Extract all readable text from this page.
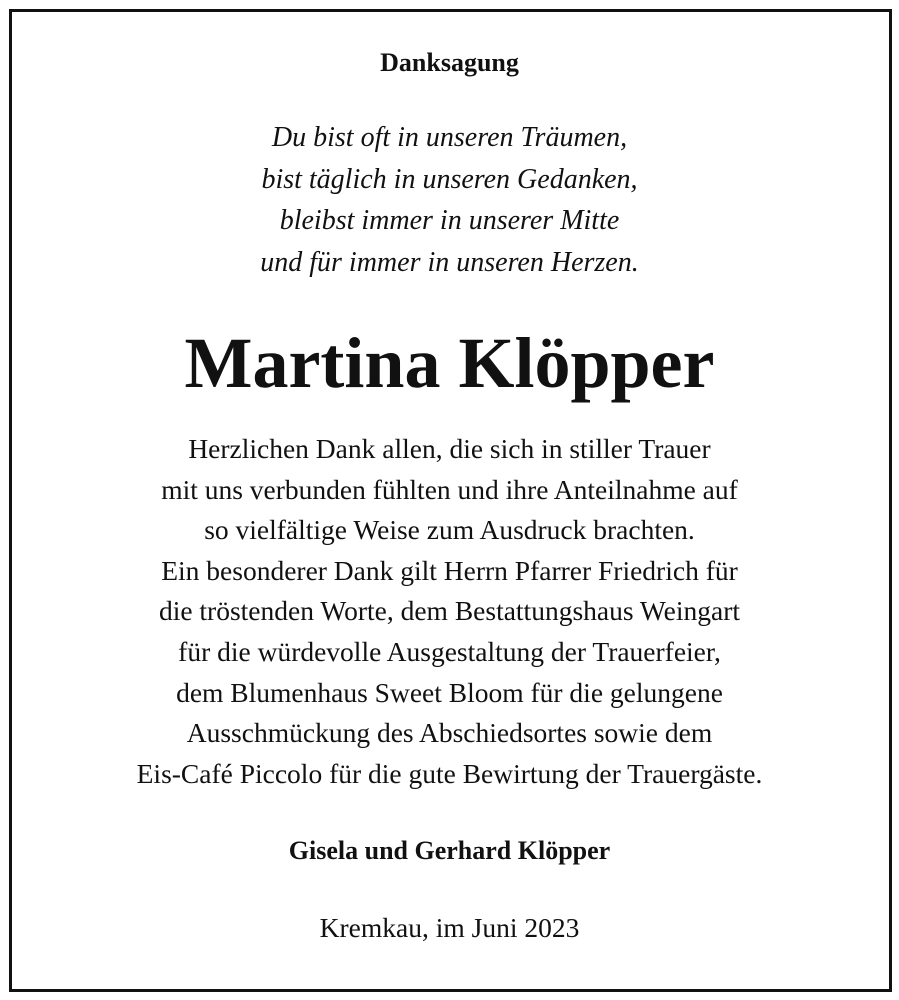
Danksagung
Du bist oft in unseren Träumen,
bist täglich in unseren Gedanken,
bleibst immer in unserer Mitte
und für immer in unseren Herzen.
Martina Klöpper
Herzlichen Dank allen, die sich in stiller Trauer
mit uns verbunden fühlten und ihre Anteilnahme auf
so vielfältige Weise zum Ausdruck brachten.
Ein besonderer Dank gilt Herrn Pfarrer Friedrich für
die tröstenden Worte, dem Bestattungshaus Weingart
für die würdevolle Ausgestaltung der Trauerfeier,
dem Blumenhaus Sweet Bloom für die gelungene
Ausschmückung des Abschiedsortes sowie dem
Eis-Café Piccolo für die gute Bewirtung der Trauergäste.
Gisela und Gerhard Klöpper
Kremkau, im Juni 2023
